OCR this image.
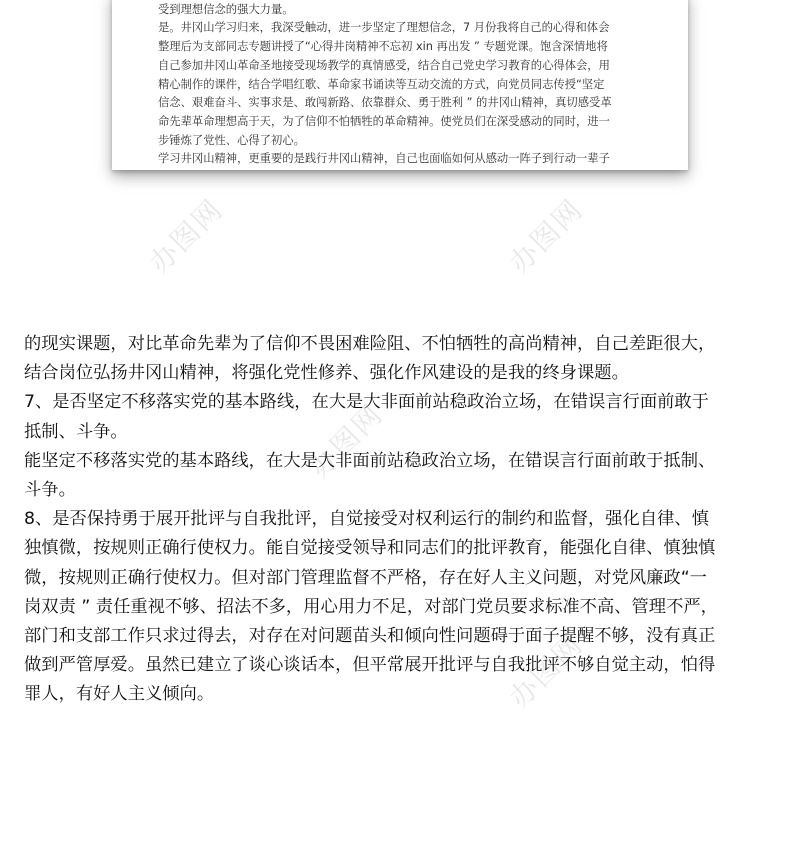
受到理想信念的强大力量。
是。井冈山学习归来，我深受触动，进一步坚定了理想信念，7 月份我将自己的心得和体会
整理后为支部同志专题讲授了“心得井岗精神不忘初 xin 再出发 ” 专题党课。饱含深情地将
自己参加井冈山革命圣地接受现场教学的真情感受，结合自己党史学习教育的心得体会，用
精心制作的课件，结合学唱红歌、革命家书诵读等互动交流的方式，向党员同志传授“坚定
信念、艰难奋斗、实事求是、敢闯新路、依靠群众、勇于胜利 ” 的井冈山精神，真切感受革
命先辈革命理想高于天，为了信仰不怕牺牲的革命精神。使党员们在深受感动的同时，进一
步锤炼了党性、心得了初心。
学习井冈山精神，更重要的是践行井冈山精神，自己也面临如何从感动一阵子到行动一辈子
办图网	办图网
办图网
办图网
的现实课题，对比革命先辈为了信仰不畏困难险阻、不怕牺牲的高尚精神，自己差距很大，
结合岗位弘扬井冈山精神，将强化党性修养、强化作风建设的是我的终身课题。
7、是否坚定不移落实党的基本路线，在大是大非面前站稳政治立场，在错误言行面前敢于
抵制、斗争。
能坚定不移落实党的基本路线，在大是大非面前站稳政治立场，在错误言行面前敢于抵制、
斗争。
8、是否保持勇于展开批评与自我批评，自觉接受对权利运行的制约和监督，强化自律、慎
独慎微，按规则正确行使权力。能自觉接受领导和同志们的批评教育，能强化自律、慎独慎
微，按规则正确行使权力。但对部门管理监督不严格，存在好人主义问题，对党风廉政“一
岗双责 ” 责任重视不够、招法不多，用心用力不足，对部门党员要求标准不高、管理不严，
部门和支部工作只求过得去，对存在对问题苗头和倾向性问题碍于面子提醒不够，没有真正
做到严管厚爱。虽然已建立了谈心谈话本，但平常展开批评与自我批评不够自觉主动，怕得
罪人，有好人主义倾向。
